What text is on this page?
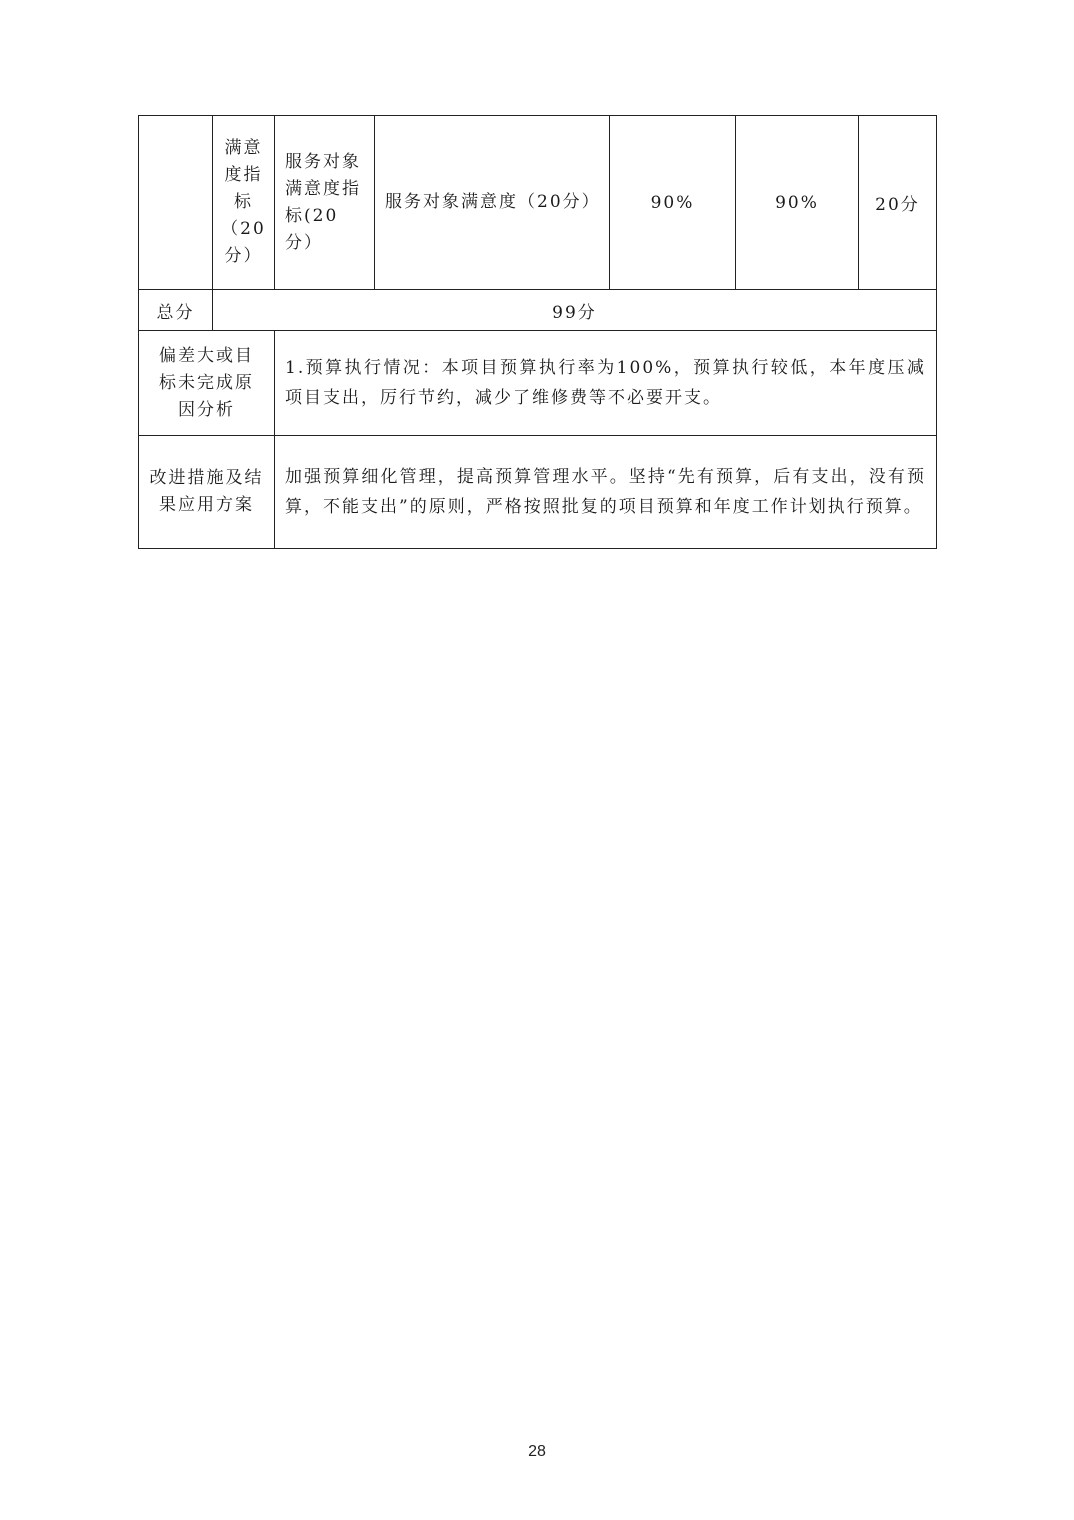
	满意度指标（20分）	服务对象满意度指标(20分）	服务对象满意度（20分）	90%	90%	20分
总分	99分					
偏差大或目标未完成原因分析		1.预算执行情况：本项目预算执行率为100%，预算执行较低，本年度压减项目支出，厉行节约，减少了维修费等不必要开支。				
改进措施及结果应用方案		加强预算细化管理，提高预算管理水平。坚持“先有预算，后有支出，没有预算，不能支出”的原则，严格按照批复的项目预算和年度工作计划执行预算。				
28
